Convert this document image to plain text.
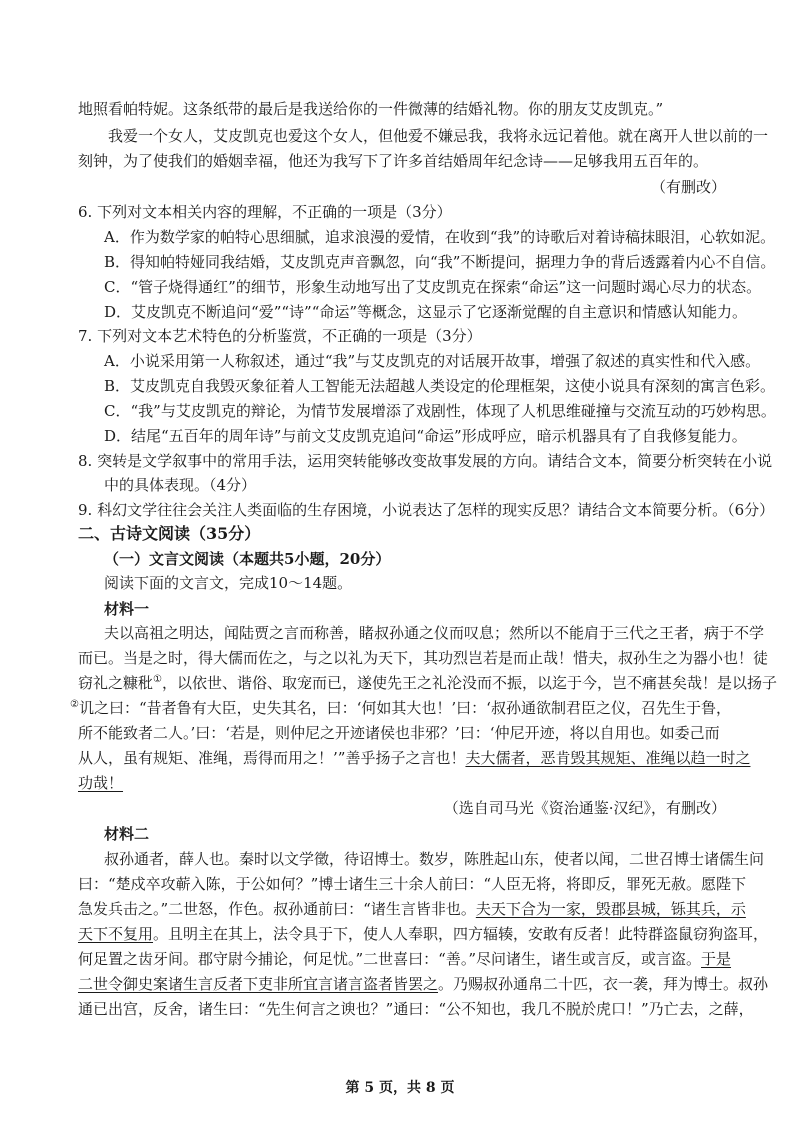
地照看帕特妮。这条纸带的最后是我送给你的一件微薄的结婚礼物。你的朋友艾皮凯克。”
我爱一个女人，艾皮凯克也爱这个女人，但他爱不嫌忌我，我将永远记着他。就在离开人世以前的一
刻钟，为了使我们的婚姻幸福，他还为我写下了许多首结婚周年纪念诗——足够我用五百年的。
（有删改）
6. 下列对文本相关内容的理解，不正确的一项是（3分）
A．作为数学家的帕特心思细腻，追求浪漫的爱情，在收到“我”的诗歌后对着诗稿抹眼泪，心软如泥。
B．得知帕特娅同我结婚，艾皮凯克声音飘忽，向“我”不断提问，据理力争的背后透露着内心不自信。
C．“管子烧得通红”的细节，形象生动地写出了艾皮凯克在探索“命运”这一问题时竭心尽力的状态。
D．艾皮凯克不断追问“爱”“诗”“命运”等概念，这显示了它逐渐觉醒的自主意识和情感认知能力。
7. 下列对文本艺术特色的分析鉴赏，不正确的一项是（3分）
A．小说采用第一人称叙述，通过“我”与艾皮凯克的对话展开故事，增强了叙述的真实性和代入感。
B．艾皮凯克自我毁灭象征着人工智能无法超越人类设定的伦理框架，这使小说具有深刻的寓言色彩。
C．“我”与艾皮凯克的辩论，为情节发展增添了戏剧性，体现了人机思维碰撞与交流互动的巧妙构思。
D．结尾“五百年的周年诗”与前文艾皮凯克追问“命运”形成呼应，暗示机器具有了自我修复能力。
8. 突转是文学叙事中的常用手法，运用突转能够改变故事发展的方向。请结合文本，简要分析突转在小说
中的具体表现。（4分）
9. 科幻文学往往会关注人类面临的生存困境，小说表达了怎样的现实反思？请结合文本简要分析。（6分）
二、古诗文阅读（35分）
（一）文言文阅读（本题共5小题，20分）
阅读下面的文言文，完成10～14题。
材料一
夫以高祖之明达，闻陆贾之言而称善，睹叔孙通之仪而叹息；然所以不能肩于三代之王者，病于不学
而已。当是之时，得大儒而佐之，与之以礼为天下，其功烈岂若是而止哉！惜夫，叔孙生之为器小也！徒
窃礼之糠秕①，以依世、谐俗、取宠而已，遂使先王之礼沦没而不振，以迄于今，岂不痛甚矣哉！是以扬子
②讥之曰：“昔者鲁有大臣，史失其名，曰：‘何如其大也！’曰：‘叔孙通欲制君臣之仪，召先生于鲁，
所不能致者二人。’曰：‘若是，则仲尼之开迹诸侯也非邪？’曰：‘仲尼开迹，将以自用也。如委己而
从人，虽有规矩、准绳，焉得而用之！’”善乎扬子之言也！夫大儒者，恶肯毁其规矩、准绳以趋一时之
功哉！
（选自司马光《资治通鉴·汉纪》，有删改）
材料二
叔孙通者，薛人也。秦时以文学徵，待诏博士。数岁，陈胜起山东，使者以闻，二世召博士诸儒生问
曰：“楚戍卒攻蕲入陈，于公如何？”博士诸生三十余人前曰：“人臣无将，将即反，罪死无赦。愿陛下
急发兵击之。”二世怒，作色。叔孙通前曰：“诸生言皆非也。夫天下合为一家，毁郡县城，铄其兵，示
天下不复用。且明主在其上，法令具于下，使人人奉职，四方辐辏，安敢有反者！此特群盗鼠窃狗盗耳，
何足置之齿牙间。郡守尉今捕论，何足忧。”二世喜曰：“善。”尽问诸生，诸生或言反，或言盗。于是
二世令御史案诸生言反者下吏非所宜言诸言盗者皆罢之。乃赐叔孙通帛二十匹，衣一袭，拜为博士。叔孙
通已出宫，反舍，诸生曰：“先生何言之谀也？”通曰：“公不知也，我几不脱於虎口！”乃亡去，之薛，
第 5 页，共 8 页
